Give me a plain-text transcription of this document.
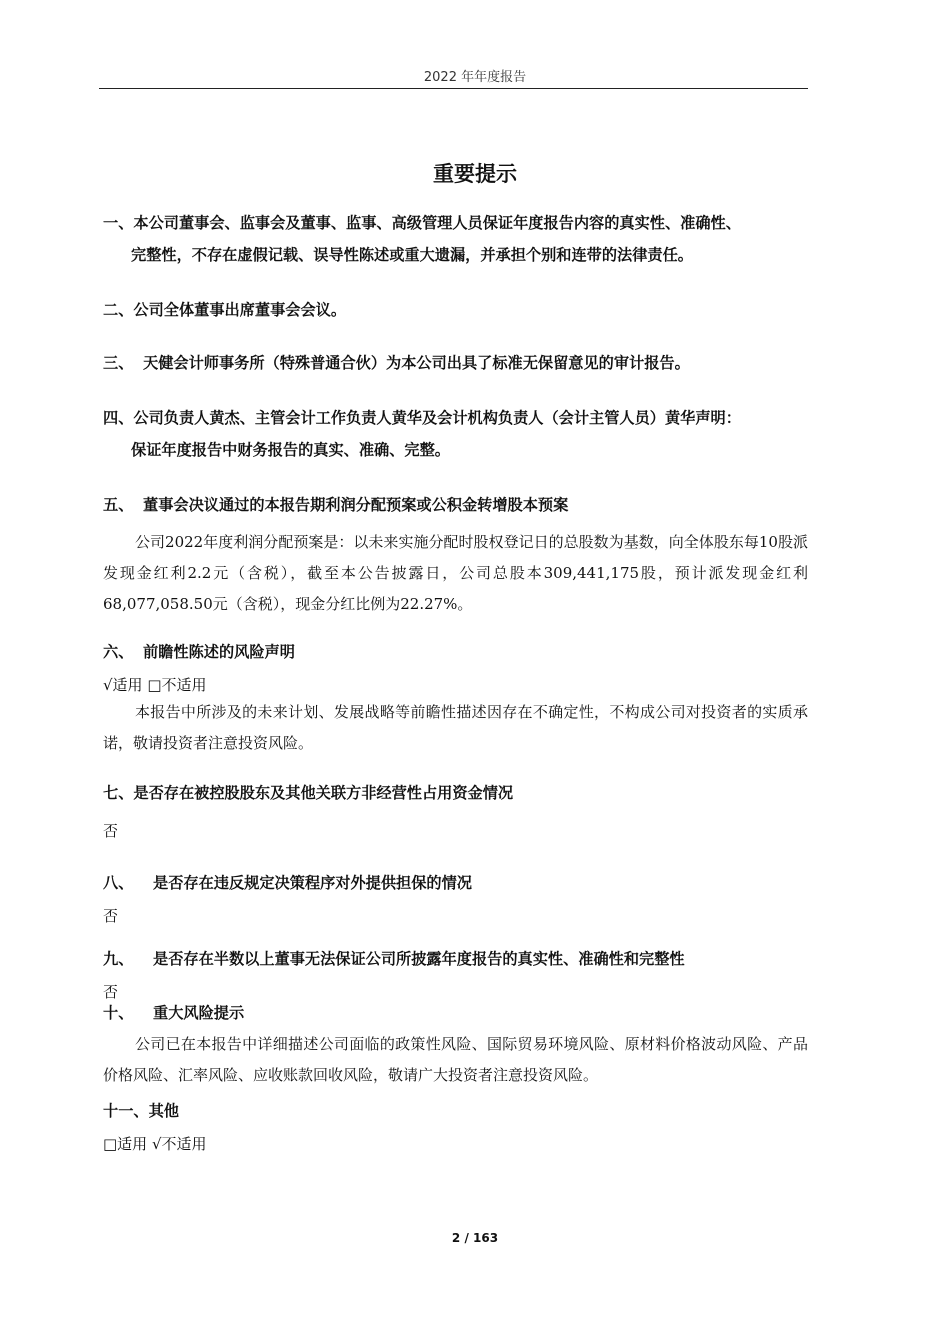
2022 年年度报告
重要提示
一、本公司董事会、监事会及董事、监事、高级管理人员保证年度报告内容的真实性、准确性、
完整性，不存在虚假记载、误导性陈述或重大遗漏，并承担个别和连带的法律责任。
二、公司全体董事出席董事会会议。
三、 天健会计师事务所（特殊普通合伙）为本公司出具了标准无保留意见的审计报告。
四、公司负责人黄杰、主管会计工作负责人黄华及会计机构负责人（会计主管人员）黄华声明：
保证年度报告中财务报告的真实、准确、完整。
五、 董事会决议通过的本报告期利润分配预案或公积金转增股本预案
公司2022年度利润分配预案是：以未来实施分配时股权登记日的总股数为基数，向全体股东每10股派发现金红利2.2元（含税），截至本公告披露日，公司总股本309,441,175股，预计派发现金红利68,077,058.50元（含税），现金分红比例为22.27%。
六、 前瞻性陈述的风险声明
√适用 □不适用
本报告中所涉及的未来计划、发展战略等前瞻性描述因存在不确定性，不构成公司对投资者的实质承诺，敬请投资者注意投资风险。
七、是否存在被控股股东及其他关联方非经营性占用资金情况
否
八、 是否存在违反规定决策程序对外提供担保的情况
否
九、 是否存在半数以上董事无法保证公司所披露年度报告的真实性、准确性和完整性
否
十、 重大风险提示
公司已在本报告中详细描述公司面临的政策性风险、国际贸易环境风险、原材料价格波动风险、产品价格风险、汇率风险、应收账款回收风险，敬请广大投资者注意投资风险。
十一、其他
□适用 √不适用
2 / 163
